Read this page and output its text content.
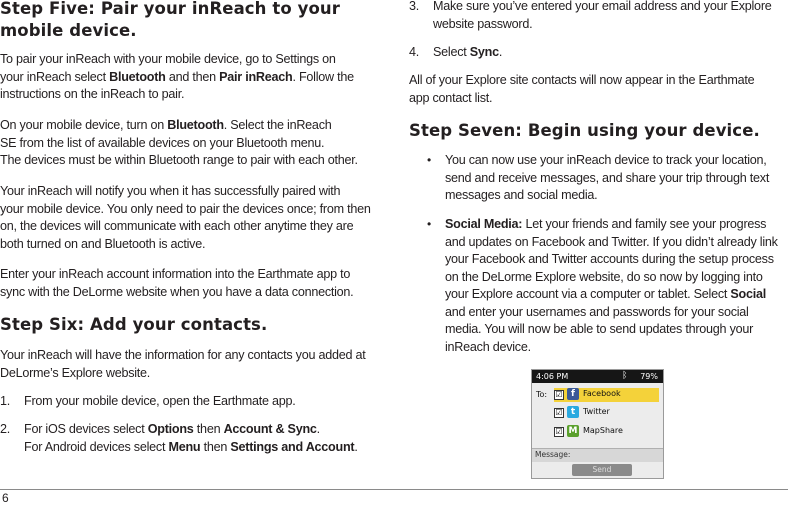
Step Five: Pair your inReach to your
mobile device.

To pair your inReach with your mobile device, go to Settings on

your inReach select Bluetooth and then Pair inReach. Follow the

instructions on the inReach to pair.

On your mobile device, turn on Bluetooth. Select the inReach

SE from the list of available devices on your Bluetooth menu.

The devices must be within Bluetooth range to pair with each other.

Your inReach will notify you when it has successfully paired with

your mobile device. You only need to pair the devices once; from then

on, the devices will communicate with each other anytime they are

both turned on and Bluetooth is active.

Enter your inReach account information into the Earthmate app to

sync with the DeLorme website when you have a data connection.

Step Six: Add your contacts.

Your inReach will have the information for any contacts you added at

DeLorme’s Explore website.

1. From your mobile device, open the Earthmate app.
2. For iOS devices select Options then Account & Sync.
For Android devices select Menu then Settings and Account.
3. Make sure you’ve entered your email address and your Explore
website password.
4. Select Sync.

All of your Explore site contacts will now appear in the Earthmate

app contact list.

Step Seven: Begin using your device.
• You can now use your inReach device to track your location,
send and receive messages, and share your trip through text
messages and social media.
• Social Media: Let your friends and family see your progress
and updates on Facebook and Twitter. If you didn’t already link
your Facebook and Twitter accounts during the setup process
on the DeLorme Explore website, do so now by logging into
your Explore account via a computer or tablet. Select Social
and enter your usernames and passwords for your social
media. You will now be able to send updates through your
inReach device.
4:06 PM	ᛒ 79%
To: ☑ f	Facebook
☑ t Twitter
☑ M MapShare
Message:
Send
6
